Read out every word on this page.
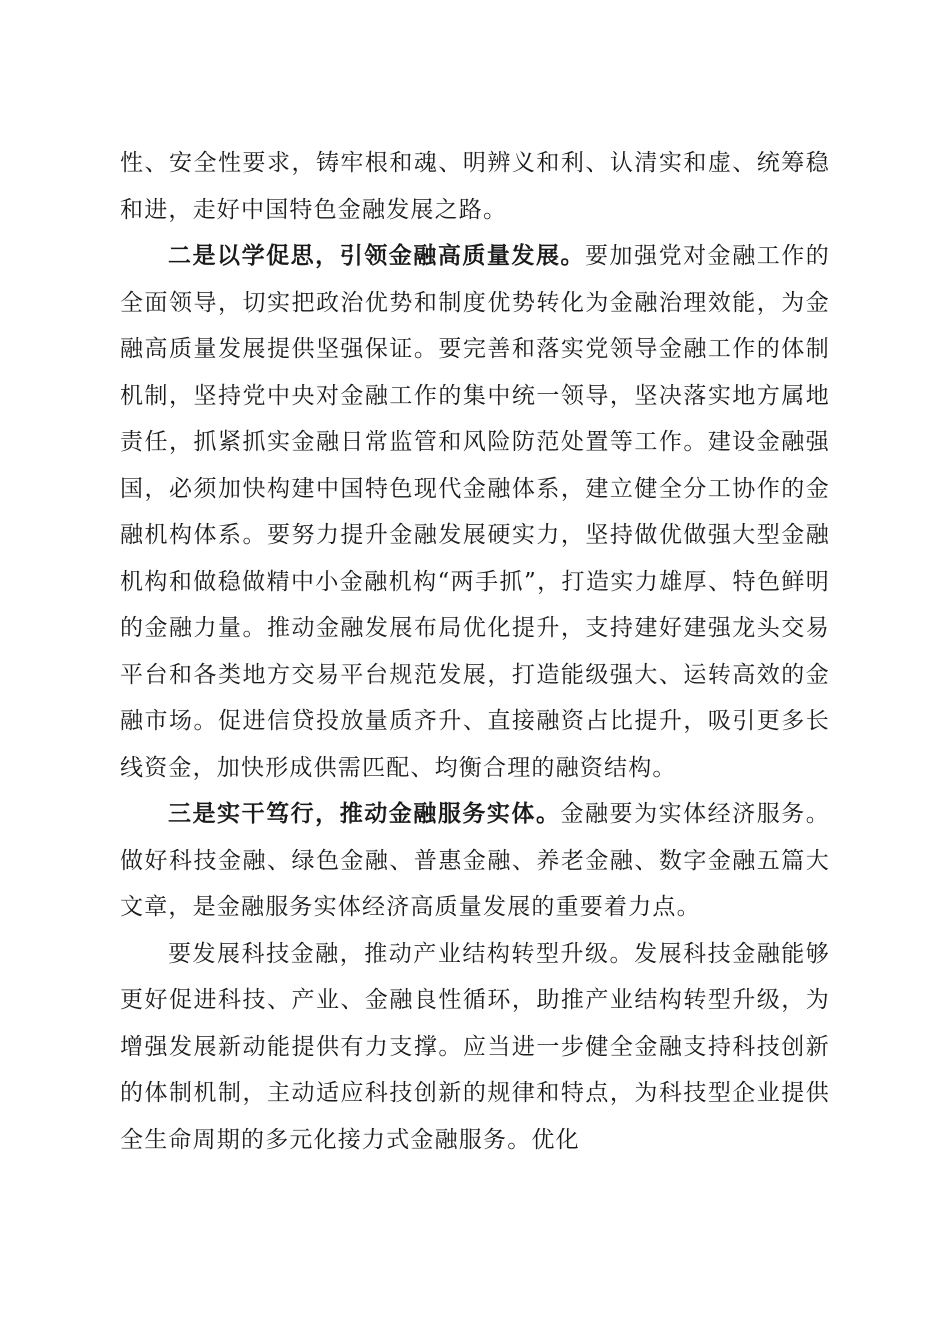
性、安全性要求，铸牢根和魂、明辨义和利、认清实和虚、统筹稳和进，走好中国特色金融发展之路。

二是以学促思，引领金融高质量发展。要加强党对金融工作的全面领导，切实把政治优势和制度优势转化为金融治理效能，为金融高质量发展提供坚强保证。要完善和落实党领导金融工作的体制机制，坚持党中央对金融工作的集中统一领导，坚决落实地方属地责任，抓紧抓实金融日常监管和风险防范处置等工作。建设金融强国，必须加快构建中国特色现代金融体系，建立健全分工协作的金融机构体系。要努力提升金融发展硬实力，坚持做优做强大型金融机构和做稳做精中小金融机构“两手抓”，打造实力雄厚、特色鲜明的金融力量。推动金融发展布局优化提升，支持建好建强龙头交易平台和各类地方交易平台规范发展，打造能级强大、运转高效的金融市场。促进信贷投放量质齐升、直接融资占比提升，吸引更多长线资金，加快形成供需匹配、均衡合理的融资结构。

三是实干笃行，推动金融服务实体。金融要为实体经济服务。做好科技金融、绿色金融、普惠金融、养老金融、数字金融五篇大文章，是金融服务实体经济高质量发展的重要着力点。

要发展科技金融，推动产业结构转型升级。发展科技金融能够更好促进科技、产业、金融良性循环，助推产业结构转型升级，为增强发展新动能提供有力支撑。应当进一步健全金融支持科技创新的体制机制，主动适应科技创新的规律和特点，为科技型企业提供全生命周期的多元化接力式金融服务。优化
